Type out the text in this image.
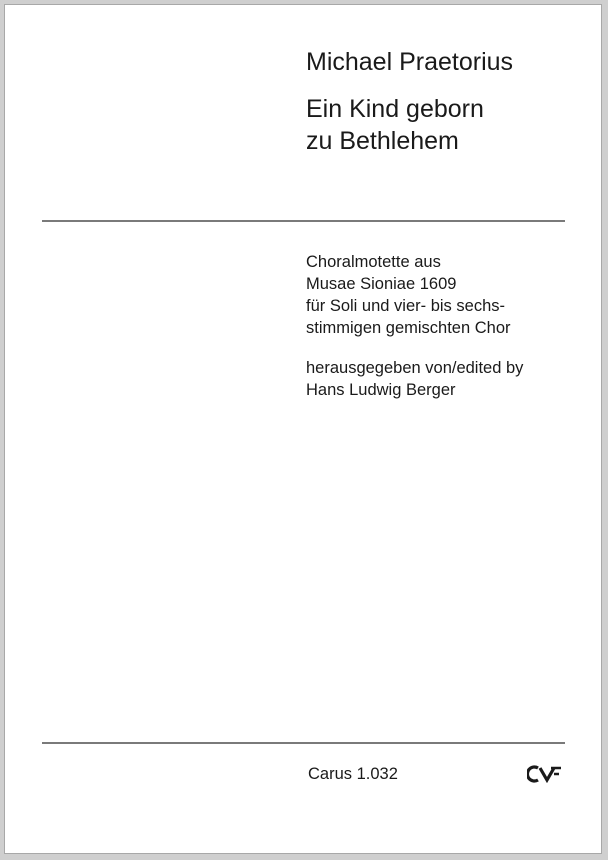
Michael Praetorius
Ein Kind geborn
zu Bethlehem
Choralmotette aus
Musae Sioniae 1609
für Soli und vier- bis sechs-
stimmigen gemischten Chor
herausgegeben von/edited by
Hans Ludwig Berger
Carus 1.032
